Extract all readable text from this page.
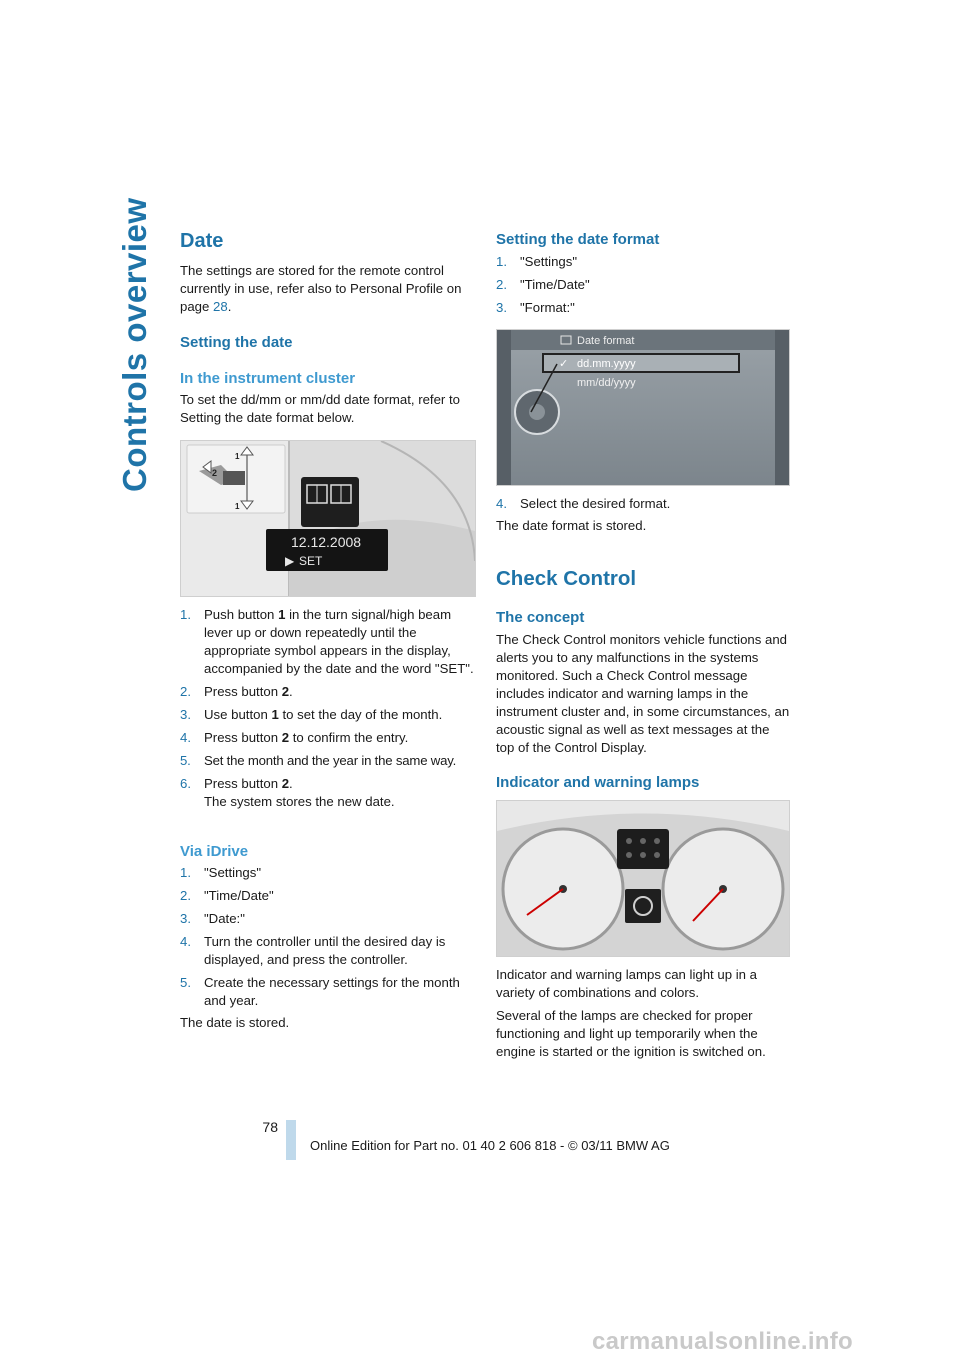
Controls overview Date
The settings are stored for the remote control currently in use, refer also to Personal Profile on page 28.
Setting the date
In the instrument cluster
To set the dd/mm or mm/dd date format, refer to Setting the date format below.
2
1
1
12.12.2008
▶ SET
1. Push button 1 in the turn signal/high beam lever up or down repeatedly until the appropriate symbol appears in the display, accompanied by the date and the word "SET".
2. Press button 2.
3. Use button 1 to set the day of the month.
4. Press button 2 to confirm the entry.
5. Set the month and the year in the same way.
6. Press button 2.
The system stores the new date.
Via iDrive
1. "Settings"
2. "Time/Date"
3. "Date:"
4. Turn the controller until the desired day is displayed, and press the controller.
5. Create the necessary settings for the month and year.
The date is stored.
Setting the date format
1. "Settings"
2. "Time/Date"
3. "Format:"
Date format
✓ dd.mm.yyyy
mm/dd/yyyy
4. Select the desired format.
The date format is stored.
Check Control
The concept
The Check Control monitors vehicle functions and alerts you to any malfunctions in the systems monitored. Such a Check Control message includes indicator and warning lamps in the instrument cluster and, in some circumstances, an acoustic signal as well as text messages at the top of the Control Display.
Indicator and warning lamps
Indicator and warning lamps can light up in a variety of combinations and colors.
Several of the lamps are checked for proper functioning and light up temporarily when the engine is started or the ignition is switched on.
78
Online Edition for Part no. 01 40 2 606 818 - © 03/11 BMW AG
carmanualsonline.info
